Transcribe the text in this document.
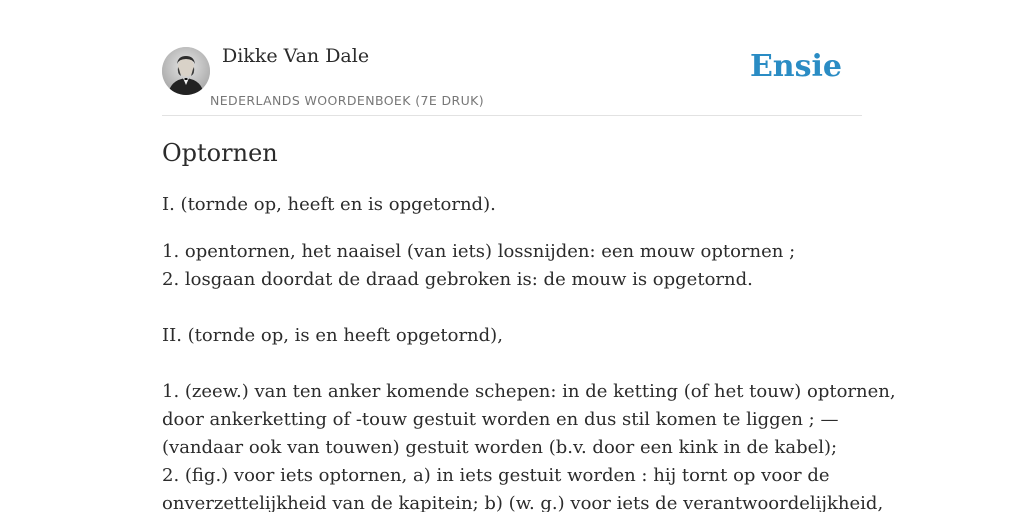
Dikke Van Dale
NEDERLANDS WOORDENBOEK (7E DRUK)
Ensie
Optornen
I. (tornde op, heeft en is opgetornd).
1. opentornen, het naaisel (van iets) lossnijden: een mouw optornen ;
2. losgaan doordat de draad gebroken is: de mouw is opgetornd.
II. (tornde op, is en heeft opgetornd),
1. (zeew.) van ten anker komende schepen: in de ketting (of het touw) optornen,
door ankerketting of -touw gestuit worden en dus stil komen te liggen ; —
(vandaar ook van touwen) gestuit worden (b.v. door een kink in de kabel);
2. (fig.) voor iets optornen, a) in iets gestuit worden : hij tornt op voor de
onverzettelijkheid van de kapitein; b) (w. g.) voor iets de verantwoordelijkheid,
